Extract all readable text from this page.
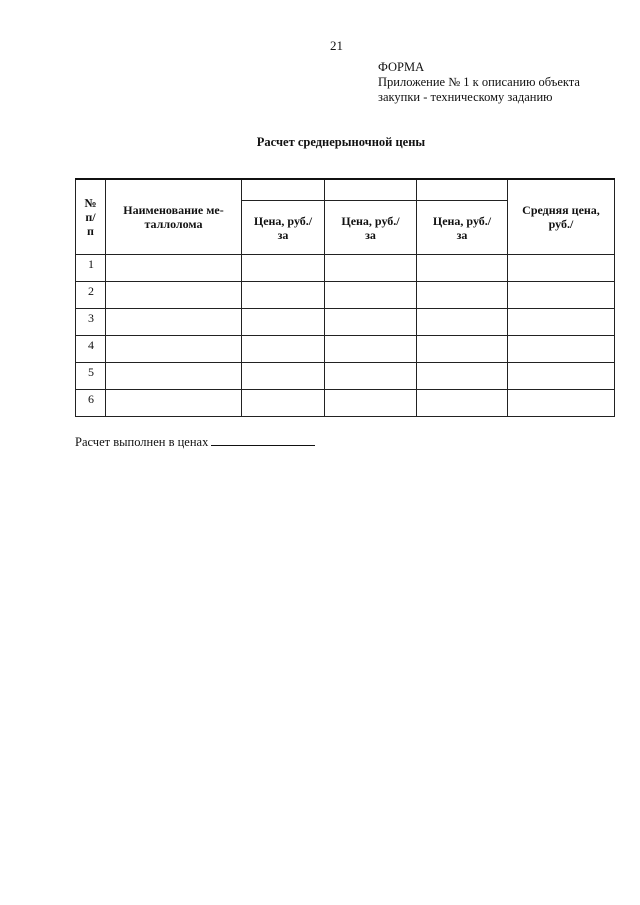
21
ФОРМА
Приложение № 1 к описанию объекта
закупки - техническому заданию
Расчет среднерыночной цены
№ п/п	Наименование ме-таллолома				Средняя цена, руб./

		Цена, руб./ за	Цена, руб./ за	Цена, руб./ за	

1					
2					
3					
4					
5					
6					
Расчет выполнен в ценах
